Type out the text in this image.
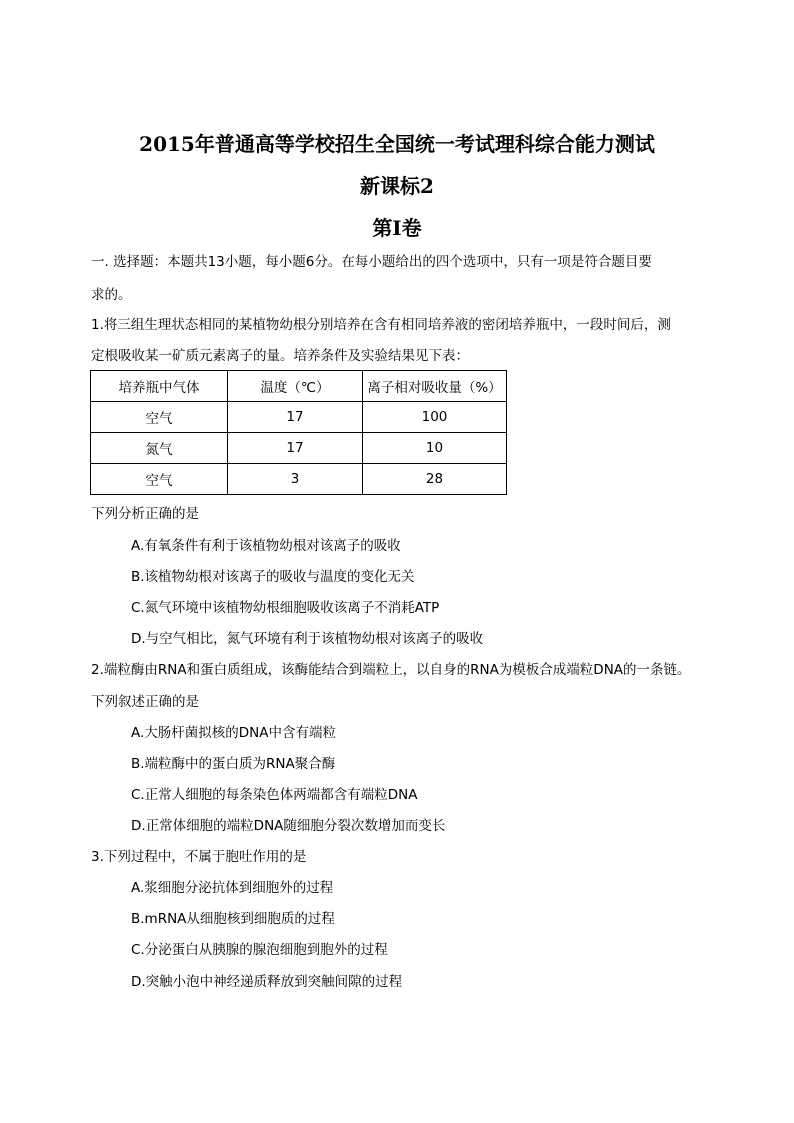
2015年普通高等学校招生全国统一考试理科综合能力测试
新课标2
第Ⅰ卷
一. 选择题：本题共13小题，每小题6分。在每小题给出的四个选项中，只有一项是符合题目要
求的。
1.将三组生理状态相同的某植物幼根分别培养在含有相同培养液的密闭培养瓶中，一段时间后，测
定根吸收某一矿质元素离子的量。培养条件及实验结果见下表：
培养瓶中气体	温度（℃）	离子相对吸收量（%）
空气	17	100
氮气	17	10
空气	3	28
下列分析正确的是
A.有氧条件有利于该植物幼根对该离子的吸收
B.该植物幼根对该离子的吸收与温度的变化无关
C.氮气环境中该植物幼根细胞吸收该离子不消耗ATP
D.与空气相比，氮气环境有利于该植物幼根对该离子的吸收
2.端粒酶由RNA和蛋白质组成，该酶能结合到端粒上，以自身的RNA为模板合成端粒DNA的一条链。
下列叙述正确的是
A.大肠杆菌拟核的DNA中含有端粒
B.端粒酶中的蛋白质为RNA聚合酶
C.正常人细胞的每条染色体两端都含有端粒DNA
D.正常体细胞的端粒DNA随细胞分裂次数增加而变长
3.下列过程中，不属于胞吐作用的是
A.浆细胞分泌抗体到细胞外的过程
B.mRNA从细胞核到细胞质的过程
C.分泌蛋白从胰腺的腺泡细胞到胞外的过程
D.突触小泡中神经递质释放到突触间隙的过程
